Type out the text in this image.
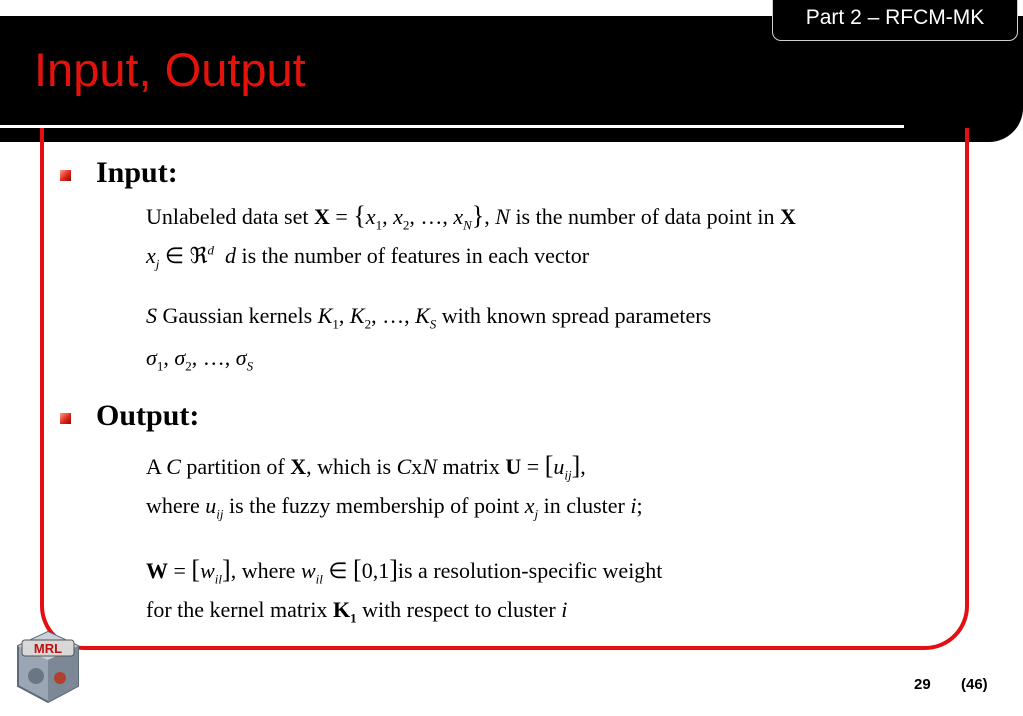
Input, Output
Part 2 – RFCM-MK
Input:
Unlabeled data set $X = \{x_1$, $x_2$, …, $x_N$}, N is the number of data point in X
$x_j$ ∈ ℜ$^d$ d is the number of features in each vector
S Gaussian kernels $K_1$, $K_2$, …, $K_S$ with known spread parameters
$\sigma_1$, $\sigma_2$, …, $\sigma_S$
Output:
A C partition of X, which is CxN matrix $U = [u_{ij}]$,
where $u_{ij}$ is the fuzzy membership of point $x_j$ in cluster i;
$W = [w_{il}]$, where $w_{il}$ ∈ [0,1]is a resolution-specific weight
for the kernel matrix $K_1$ with respect to cluster i
MRL
29 (46)
